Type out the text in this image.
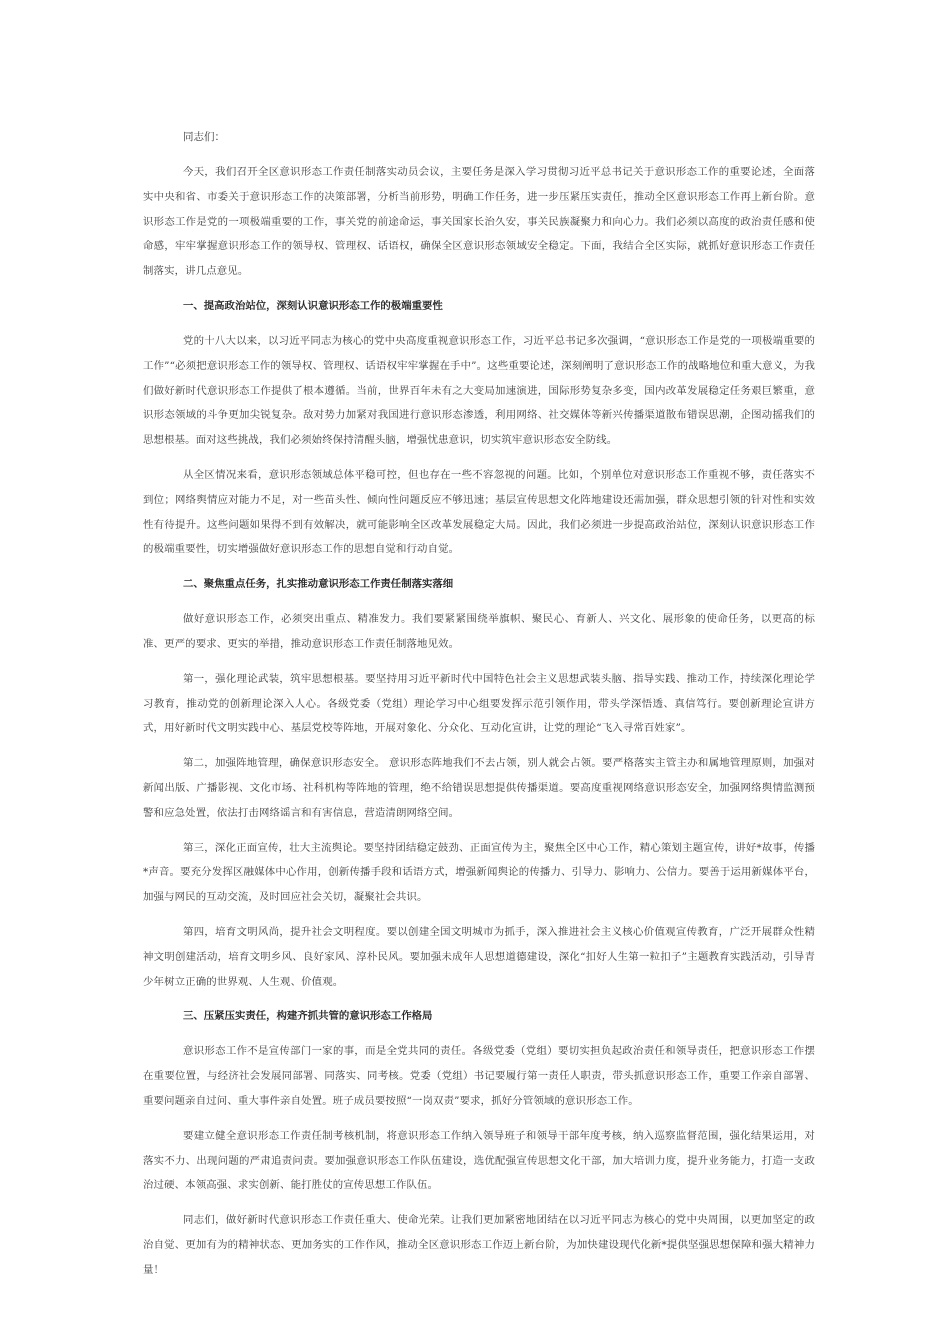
同志们：

今天，我们召开全区意识形态工作责任制落实动员会议，主要任务是深入学习贯彻习近平总书记关于意识形态工作的重要论述，全面落实中央和省、市委关于意识形态工作的决策部署，分析当前形势，明确工作任务，进一步压紧压实责任，推动全区意识形态工作再上新台阶。意识形态工作是党的一项极端重要的工作，事关党的前途命运，事关国家长治久安，事关民族凝聚力和向心力。我们必须以高度的政治责任感和使命感，牢牢掌握意识形态工作的领导权、管理权、话语权，确保全区意识形态领域安全稳定。下面，我结合全区实际，就抓好意识形态工作责任制落实，讲几点意见。

一、提高政治站位，深刻认识意识形态工作的极端重要性

党的十八大以来，以习近平同志为核心的党中央高度重视意识形态工作，习近平总书记多次强调，“意识形态工作是党的一项极端重要的工作”“必须把意识形态工作的领导权、管理权、话语权牢牢掌握在手中”。这些重要论述，深刻阐明了意识形态工作的战略地位和重大意义，为我们做好新时代意识形态工作提供了根本遵循。当前，世界百年未有之大变局加速演进，国际形势复杂多变，国内改革发展稳定任务艰巨繁重，意识形态领域的斗争更加尖锐复杂。敌对势力加紧对我国进行意识形态渗透，利用网络、社交媒体等新兴传播渠道散布错误思潮，企图动摇我们的思想根基。面对这些挑战，我们必须始终保持清醒头脑，增强忧患意识，切实筑牢意识形态安全防线。

从全区情况来看，意识形态领域总体平稳可控，但也存在一些不容忽视的问题。比如，个别单位对意识形态工作重视不够，责任落实不到位；网络舆情应对能力不足，对一些苗头性、倾向性问题反应不够迅速；基层宣传思想文化阵地建设还需加强，群众思想引领的针对性和实效性有待提升。这些问题如果得不到有效解决，就可能影响全区改革发展稳定大局。因此，我们必须进一步提高政治站位，深刻认识意识形态工作的极端重要性，切实增强做好意识形态工作的思想自觉和行动自觉。

二、聚焦重点任务，扎实推动意识形态工作责任制落实落细

做好意识形态工作，必须突出重点、精准发力。我们要紧紧围绕举旗帜、聚民心、育新人、兴文化、展形象的使命任务，以更高的标准、更严的要求、更实的举措，推动意识形态工作责任制落地见效。

第一，强化理论武装，筑牢思想根基。要坚持用习近平新时代中国特色社会主义思想武装头脑、指导实践、推动工作，持续深化理论学习教育，推动党的创新理论深入人心。各级党委（党组）理论学习中心组要发挥示范引领作用，带头学深悟透、真信笃行。要创新理论宣讲方式，用好新时代文明实践中心、基层党校等阵地，开展对象化、分众化、互动化宣讲，让党的理论“飞入寻常百姓家”。

第二，加强阵地管理，确保意识形态安全。 意识形态阵地我们不去占领，别人就会占领。要严格落实主管主办和属地管理原则，加强对新闻出版、广播影视、文化市场、社科机构等阵地的管理，绝不给错误思想提供传播渠道。要高度重视网络意识形态安全，加强网络舆情监测预警和应急处置，依法打击网络谣言和有害信息，营造清朗网络空间。

第三，深化正面宣传，壮大主流舆论。要坚持团结稳定鼓劲、正面宣传为主，聚焦全区中心工作，精心策划主题宣传，讲好*故事，传播*声音。要充分发挥区融媒体中心作用，创新传播手段和话语方式，增强新闻舆论的传播力、引导力、影响力、公信力。要善于运用新媒体平台，加强与网民的互动交流，及时回应社会关切，凝聚社会共识。

第四，培育文明风尚，提升社会文明程度。要以创建全国文明城市为抓手，深入推进社会主义核心价值观宣传教育，广泛开展群众性精神文明创建活动，培育文明乡风、良好家风、淳朴民风。要加强未成年人思想道德建设，深化“扣好人生第一粒扣子”主题教育实践活动，引导青少年树立正确的世界观、人生观、价值观。

三、压紧压实责任，构建齐抓共管的意识形态工作格局

意识形态工作不是宣传部门一家的事，而是全党共同的责任。各级党委（党组）要切实担负起政治责任和领导责任，把意识形态工作摆在重要位置，与经济社会发展同部署、同落实、同考核。党委（党组）书记要履行第一责任人职责，带头抓意识形态工作，重要工作亲自部署、重要问题亲自过问、重大事件亲自处置。班子成员要按照“一岗双责”要求，抓好分管领域的意识形态工作。

要建立健全意识形态工作责任制考核机制，将意识形态工作纳入领导班子和领导干部年度考核，纳入巡察监督范围，强化结果运用，对落实不力、出现问题的严肃追责问责。要加强意识形态工作队伍建设，选优配强宣传思想文化干部，加大培训力度，提升业务能力，打造一支政治过硬、本领高强、求实创新、能打胜仗的宣传思想工作队伍。

同志们，做好新时代意识形态工作责任重大、使命光荣。让我们更加紧密地团结在以习近平同志为核心的党中央周围，以更加坚定的政治自觉、更加有为的精神状态、更加务实的工作作风，推动全区意识形态工作迈上新台阶，为加快建设现代化新*提供坚强思想保障和强大精神力量！
